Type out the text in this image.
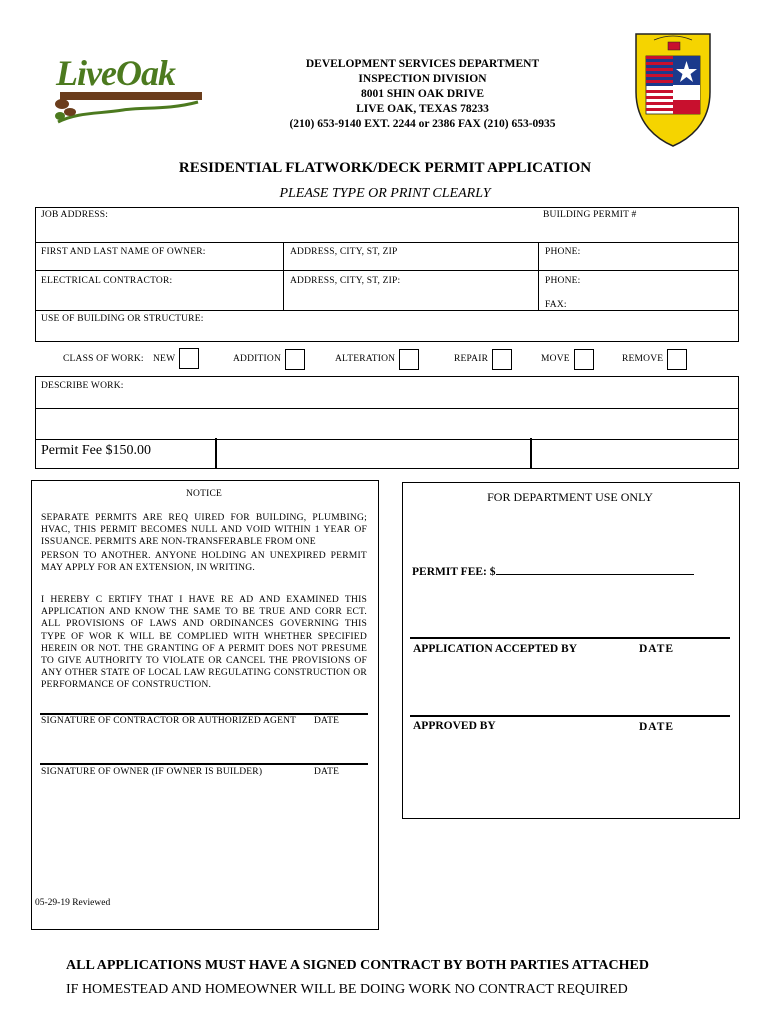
LiveOak	DEVELOPMENT SERVICES DEPARTMENT
INSPECTION DIVISION
8001 SHIN OAK DRIVE
LIVE OAK, TEXAS 78233
(210) 653-9140 EXT. 2244 or 2386 FAX (210) 653-0935
RESIDENTIAL FLATWORK/DECK PERMIT APPLICATION
PLEASE TYPE OR PRINT CLEARLY
JOB ADDRESS:	BUILDING PERMIT #
FIRST AND LAST NAME OF OWNER:	ADDRESS, CITY, ST, ZIP	PHONE:
ELECTRICAL CONTRACTOR:	ADDRESS, CITY, ST, ZIP:	PHONE:
FAX:
USE OF BUILDING OR STRUCTURE:
CLASS OF WORK: NEW	ADDITION	ALTERATION	REPAIR	MOVE	REMOVE
DESCRIBE WORK:
Permit Fee $150.00
NOTICE
SEPARATE PERMITS ARE REQ UIRED FOR BUILDING, PLUMBING; HVAC, THIS PERMIT BECOMES NULL AND VOID WITHIN 1 YEAR OF ISSUANCE. PERMITS ARE NON-TRANSFERABLE FROM ONE
PERSON TO ANOTHER. ANYONE HOLDING AN UNEXPIRED PERMIT MAY APPLY FOR AN EXTENSION, IN WRITING.
I HEREBY C ERTIFY THAT I HAVE RE AD AND EXAMINED THIS APPLICATION AND KNOW THE SAME TO BE TRUE AND CORR ECT. ALL PROVISIONS OF LAWS AND ORDINANCES GOVERNING THIS TYPE OF WOR K WILL BE COMPLIED WITH WHETHER SPECIFIED HEREIN OR NOT. THE GRANTING OF A PERMIT DOES NOT PRESUME TO GIVE AUTHORITY TO VIOLATE OR CANCEL THE PROVISIONS OF ANY OTHER STATE OF LOCAL LAW REGULATING CONSTRUCTION OR PERFORMANCE OF CONSTRUCTION.
SIGNATURE OF CONTRACTOR OR AUTHORIZED AGENT DATE
SIGNATURE OF OWNER (IF OWNER IS BUILDER)	DATE
05-29-19 Reviewed
FOR DEPARTMENT USE ONLY
PERMIT FEE: $
APPLICATION ACCEPTED BY	DATE
APPROVED BY	DATE
ALL APPLICATIONS MUST HAVE A SIGNED CONTRACT BY BOTH PARTIES ATTACHED
IF HOMESTEAD AND HOMEOWNER WILL BE DOING WORK NO CONTRACT REQUIRED
